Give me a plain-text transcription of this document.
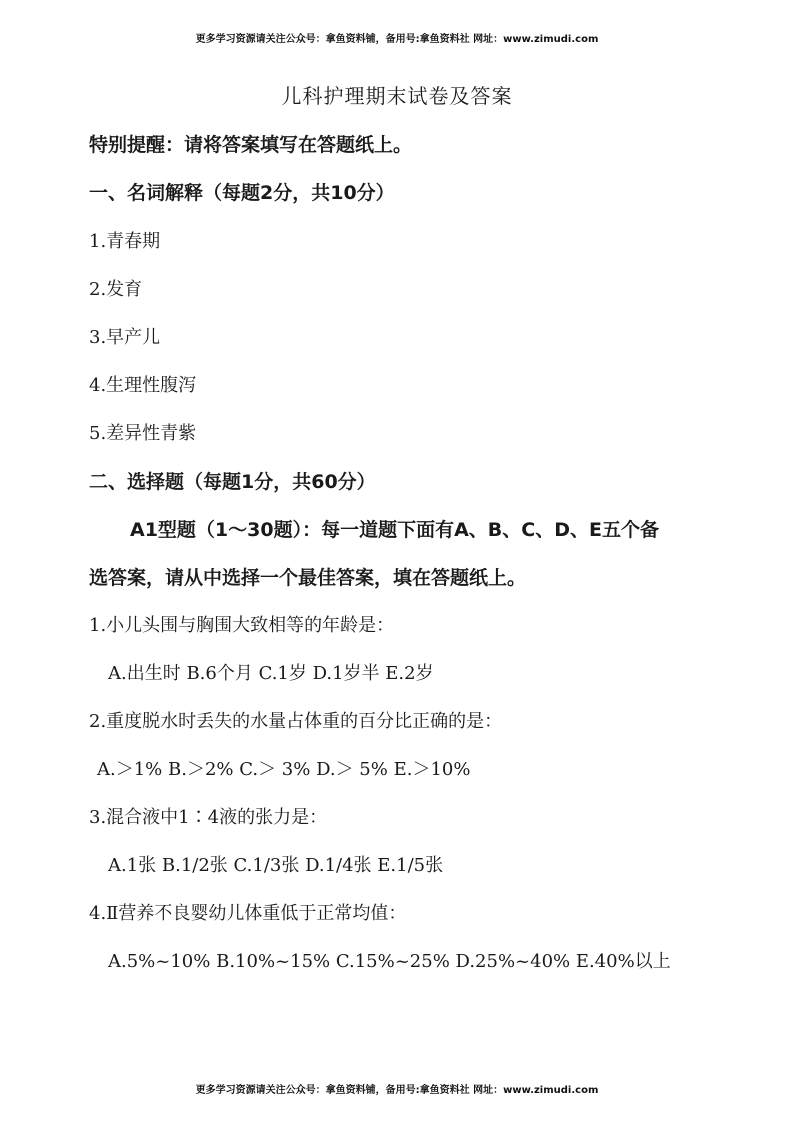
更多学习资源请关注公众号：拿鱼资料铺，备用号:拿鱼资料社 网址：www.zimudi.com
儿科护理期末试卷及答案
特别提醒：请将答案填写在答题纸上。
一、名词解释（每题2分，共10分）
1.青春期
2.发育
3.早产儿
4.生理性腹泻
5.差异性青紫
二、选择题（每题1分，共60分）
A1型题（1～30题）：每一道题下面有A、B、C、D、E五个备
选答案，请从中选择一个最佳答案，填在答题纸上。
1.小儿头围与胸围大致相等的年龄是：
A.出生时 B.6个月 C.1岁 D.1岁半 E.2岁
2.重度脱水时丢失的水量占体重的百分比正确的是：
A.＞1% B.＞2% C.＞ 3% D.＞ 5% E.＞10%
3.混合液中1∶4液的张力是：
A.1张 B.1/2张 C.1/3张 D.1/4张 E.1/5张
4.Ⅱ营养不良婴幼儿体重低于正常均值：
A.5%~10% B.10%~15% C.15%~25% D.25%~40% E.40%以上
更多学习资源请关注公众号：拿鱼资料铺，备用号:拿鱼资料社 网址：www.zimudi.com
